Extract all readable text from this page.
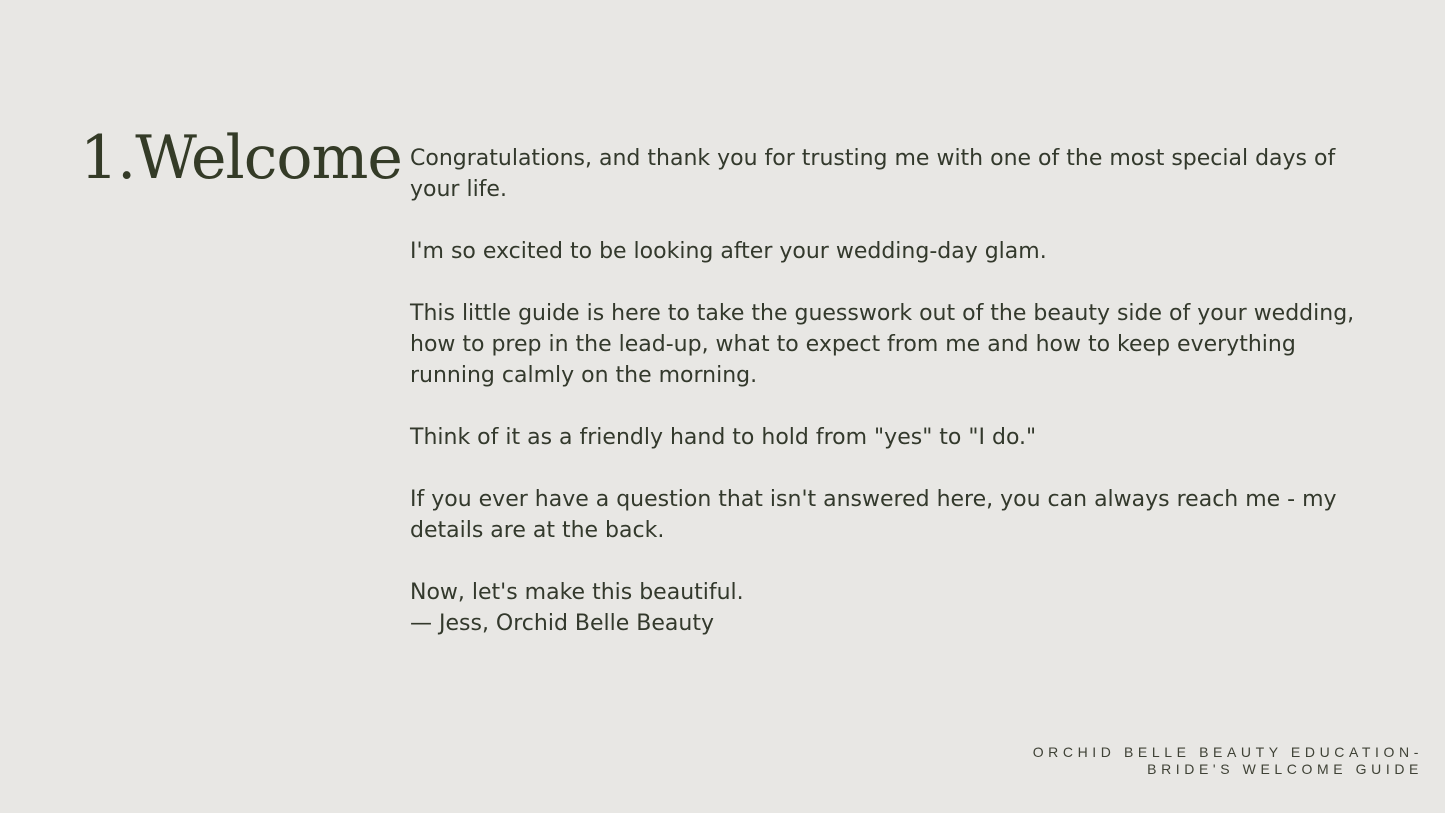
1.Welcome Congratulations, and thank you for trusting me with one of the most special days of your life.

I'm so excited to be looking after your wedding-day glam.

This little guide is here to take the guesswork out of the beauty side of your wedding, how to prep in the lead-up, what to expect from me and how to keep everything running calmly on the morning.

Think of it as a friendly hand to hold from "yes" to "I do."

If you ever have a question that isn't answered here, you can always reach me - my details are at the back.

Now, let's make this beautiful.
— Jess, Orchid Belle Beauty

ORCHID BELLE BEAUTY EDUCATION-
BRIDE'S WELCOME GUIDE
